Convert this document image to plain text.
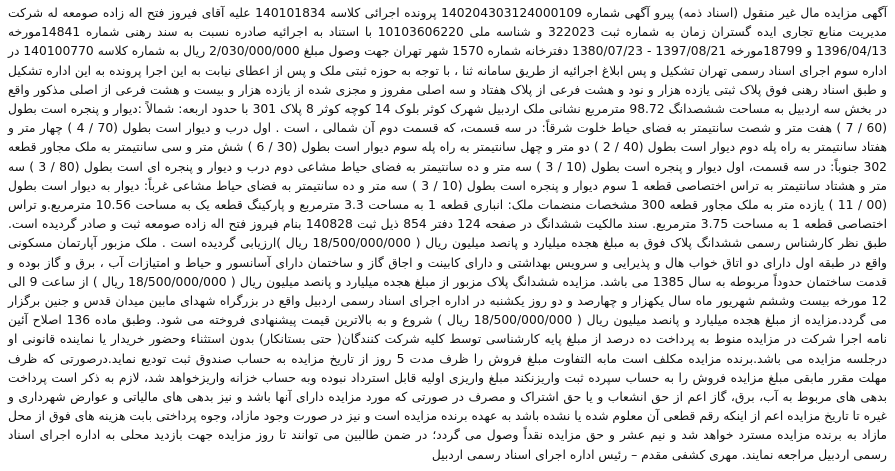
آگهی مزایده مال غیر منقول (اسناد ذمه) پیرو آگهی شماره 140204303124000109 پرونده اجرائی کلاسه 140101834 علیه آقای فیروز فتح اله زاده صومعه له شرکت مدیریت منابع تجاری ایده گستران زمان به شماره ثبت 322023 و شناسه ملی 10103606220 با استناد به اجرائیه صادره نسبت به سند رهنی شماره 14841مورخه 1396/04/13 و 18799مورخه 1397/08/21 - 1380/07/23 دفترخانه شماره 1570 شهر تهران جهت وصول مبلغ 2/030/000/000 ریال به شماره کلاسه 140100770 در اداره سوم اجرای اسناد رسمی تهران تشکیل و پس ابلاغ اجرائیه از طریق سامانه ثنا ، با توجه به حوزه ثبتی ملک و پس از اعطای نیابت به این اجرا پرونده به این اداره تشکیل و طبق اسناد رهنی فوق پلاک ثبتی یازده هزار و نود و هشت فرعی از پلاک هفتاد و سه اصلی مفروز و مجزی شده از یازده هزار و بیست و هشت فرعی از اصلی مذکور واقع در بخش سه اردبیل به مساحت ششصدانگ 98.72 مترمربع نشانی ملک اردبیل شهرک کوثر بلوک 14 کوچه کوثر 8 پلاک 301 با حدود اربعه: شمالاً :دیوار و پنجره است بطول (60 / 7 ) هفت متر و شصت سانتیمتر به فضای حیاط خلوت شرقاً: در سه قسمت، که قسمت دوم آن شمالی ، است . اول درب و دیوار است بطول (70 / 4 ) چهار متر و هفتاد سانتیمتر به راه پله دوم دیوار است بطول (40 / 2 ) دو متر و چهل سانتیمتر به راه پله سوم دیوار است بطول (30 / 6 ) شش متر و سی سانتیمتر به ملک مجاور قطعه 302 جنوباً: در سه قسمت، اول دیوار و پنجره است بطول (10 / 3 ) سه متر و ده سانتیمتر به فضای حیاط مشاعی دوم درب و دیوار و پنجره ای است بطول (80 / 3 ) سه متر و هشتاد سانتیمتر به تراس اختصاصی قطعه 1 سوم دیوار و پنجره است بطول (10 / 3 ) سه متر و ده سانتیمتر به فضای حیاط مشاعی غرباً: دیوار به دیوار است بطول (00 / 11 ) یازده متر به ملک مجاور قطعه 300 مشخصات منضمات ملک: انباری قطعه 1 به مساحت 3.3 مترمربع و پارکینگ قطعه یک به مساحت 10.56 مترمربع.و تراس اختصاصی قطعه 1 به مساحت 3.75 مترمربع. سند مالکیت ششدانگ در صفحه 124 دفتر 854 ذیل ثبت 140828 بنام فیروز فتح اله زاده صومعه ثبت و صادر گردیده است. طبق نظر کارشناس رسمی ششدانگ پلاک فوق به مبلغ هجده میلیارد و پانصد میلیون ریال ( 18/500/000/000 ریال )ارزیابی گردیده است . ملک مزبور آپارتمان مسکونی واقع در طبقه اول دارای دو اتاق خواب هال و پذیرایی و سرویس بهداشتی و دارای کابینت و اجاق گاز و ساختمان دارای آسانسور و حیاط و امتیازات آب ، برق و گاز بوده و قدمت ساختمان حدوداً مربوطه به سال 1385 می باشد. مزایده ششدانگ پلاک مزبور از مبلغ هجده میلیارد و پانصد میلیون ریال ( 18/500/000/000 ریال ) از ساعت 9 الی 12 مورخه بیست وششم شهریور ماه سال یکهزار و چهارصد و دو روز یکشنبه در اداره اجرای اسناد رسمی اردبیل واقع در بزرگراه شهدای مابین میدان قدس و جنین برگزار می گردد.مزایده از مبلغ هجده میلیارد و پانصد میلیون ریال ( 18/500/000/000 ریال ) شروع و به بالاترین قیمت پیشنهادی فروخته می شود. وطبق ماده 136 اصلاح آئین نامه اجرا شرکت در مزایده منوط به پرداخت ده درصد از مبلغ پایه کارشناسی توسط کلیه شرکت کنندگان( حتی بستانکار) بدون استثناء وحضور خریدار یا نماینده قانونی او درجلسه مزایده می باشد.برنده مزایده مکلف است مابه التفاوت مبلغ فروش را ظرف مدت 5 روز از تاریخ مزایده به حساب صندوق ثبت تودیع نماید.درصورتی که ظرف مهلت مقرر مابقی مبلغ مزایده فروش را به حساب سپرده ثبت واریزنکند مبلغ واریزی اولیه قابل استرداد نبوده وبه حساب خزانه واریزخواهد شد، لازم به ذکر است پرداخت بدهی های مربوط به آب، برق، گاز اعم از حق انشعاب و یا حق اشتراک و مصرف در صورتی که مورد مزایده دارای آنها باشد و نیز بدهی های مالیاتی و عوارض شهرداری و غیره تا تاریخ مزایده اعم از اینکه رقم قطعی آن معلوم شده یا نشده باشد به عهده برنده مزایده است و نیز در صورت وجود مازاد، وجوه پرداختی بابت هزینه های فوق از محل مازاد به برنده مزایده مسترد خواهد شد و نیم عشر و حق مزایده نقداً وصول می گردد؛ در ضمن طالبین می توانند تا روز مزایده جهت بازدید محلی به اداره اجرای اسناد رسمی اردبیل مراجعه نمایند. مهری کشفی مقدم – رئیس اداره اجرای اسناد رسمی اردبیل
